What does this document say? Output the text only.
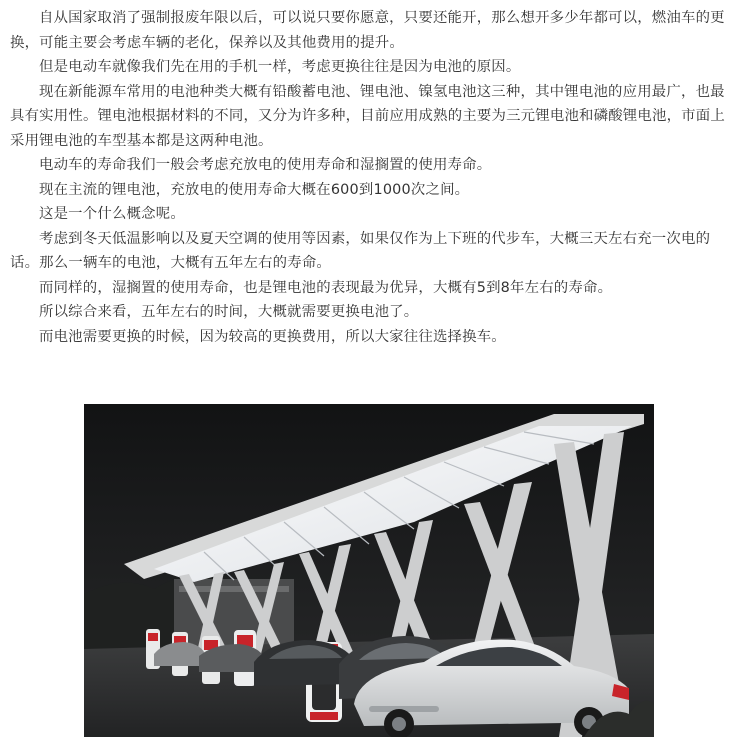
自从国家取消了强制报废年限以后，可以说只要你愿意，只要还能开，那么想开多少年都可以，燃油车的更换，可能主要会考虑车辆的老化，保养以及其他费用的提升。

但是电动车就像我们先在用的手机一样，考虑更换往往是因为电池的原因。

现在新能源车常用的电池种类大概有铅酸蓄电池、锂电池、镍氢电池这三种，其中锂电池的应用最广，也最具有实用性。锂电池根据材料的不同，又分为许多种，目前应用成熟的主要为三元锂电池和磷酸锂电池，市面上采用锂电池的车型基本都是这两种电池。

电动车的寿命我们一般会考虑充放电的使用寿命和湿搁置的使用寿命。

现在主流的锂电池，充放电的使用寿命大概在600到1000次之间。

这是一个什么概念呢。

考虑到冬天低温影响以及夏天空调的使用等因素，如果仅作为上下班的代步车，大概三天左右充一次电的话。那么一辆车的电池，大概有五年左右的寿命。

而同样的，湿搁置的使用寿命，也是锂电池的表现最为优异，大概有5到8年左右的寿命。

所以综合来看，五年左右的时间，大概就需要更换电池了。

而电池需要更换的时候，因为较高的更换费用，所以大家往往选择换车。
